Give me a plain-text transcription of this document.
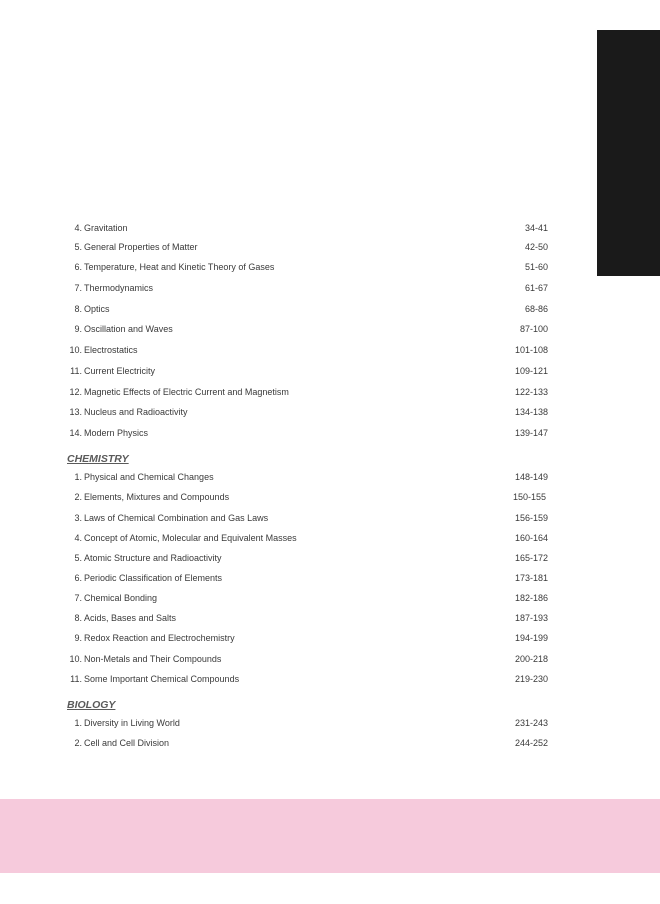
4. Gravitation	34-41
5. General Properties of Matter	42-50
6. Temperature, Heat and Kinetic Theory of Gases	51-60
7. Thermodynamics	61-67
8. Optics	68-86
9. Oscillation and Waves	87-100
10. Electrostatics	101-108
11. Current Electricity	109-121
12. Magnetic Effects of Electric Current and Magnetism	122-133
13. Nucleus and Radioactivity	134-138
14. Modern Physics	139-147
CHEMISTRY
1. Physical and Chemical Changes	148-149
2. Elements, Mixtures and Compounds	150-155
3. Laws of Chemical Combination and Gas Laws	156-159
4. Concept of Atomic, Molecular and Equivalent Masses	160-164
5. Atomic Structure and Radioactivity	165-172
6. Periodic Classification of Elements	173-181
7. Chemical Bonding	182-186
8. Acids, Bases and Salts	187-193
9. Redox Reaction and Electrochemistry	194-199
10. Non-Metals and Their Compounds	200-218
11. Some Important Chemical Compounds	219-230
BIOLOGY
1. Diversity in Living World	231-243
2. Cell and Cell Division	244-252
